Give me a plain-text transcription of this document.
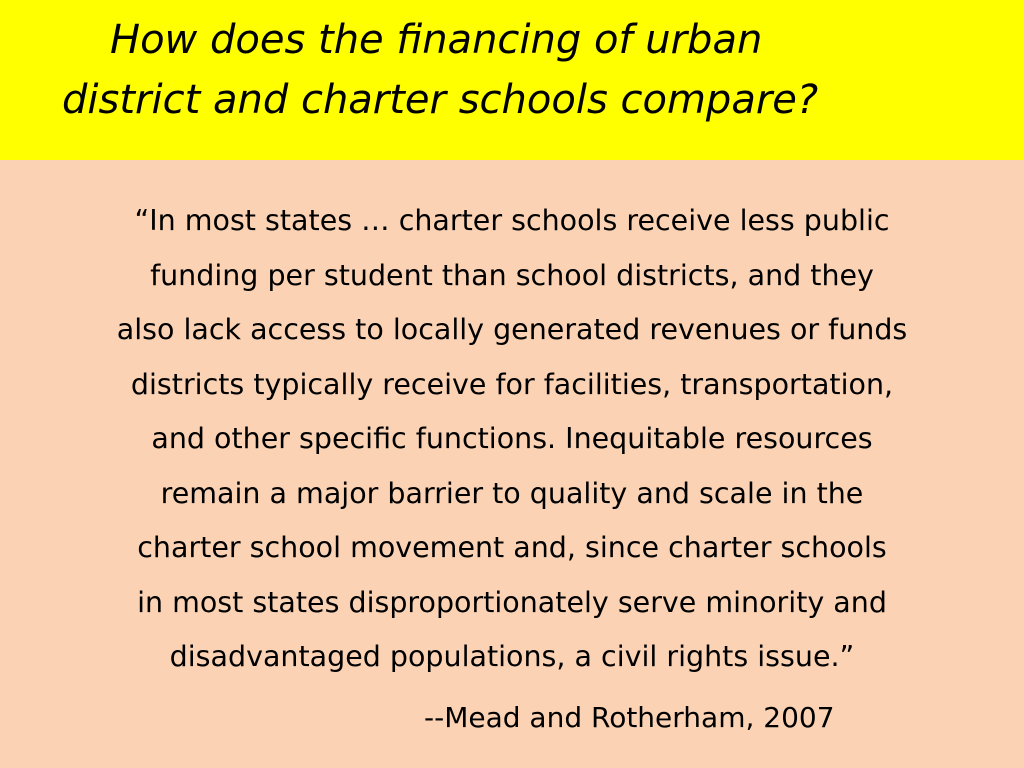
How does the financing of urban
district and charter schools compare?
“In most states … charter schools receive less public
funding per student than school districts, and they
also lack access to locally generated revenues or funds
districts typically receive for facilities, transportation,
and other specific functions. Inequitable resources
remain a major barrier to quality and scale in the
charter school movement and, since charter schools
in most states disproportionately serve minority and
disadvantaged populations, a civil rights issue.”

--Mead and Rotherham, 2007
